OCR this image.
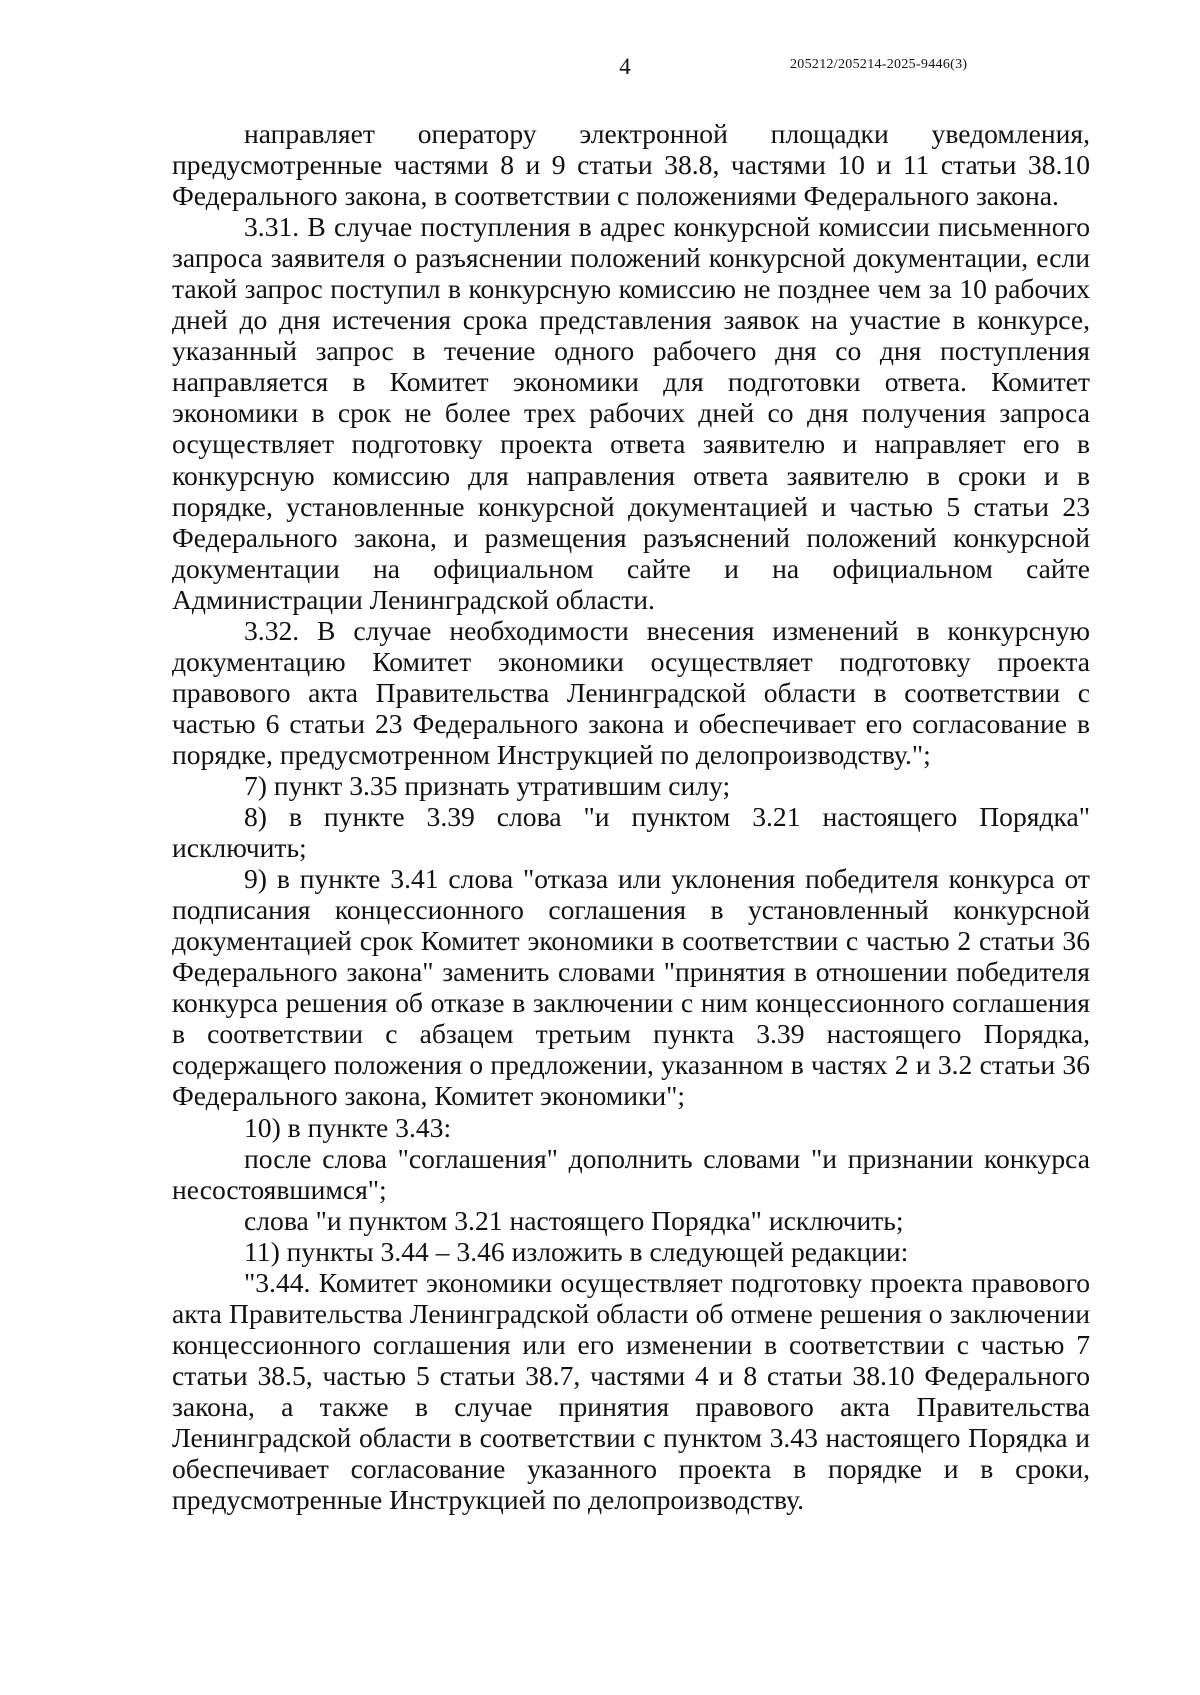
4	205212/205214-2025-9446(3)

направляет оператору электронной площадки уведомления, предусмотренные частями 8 и 9 статьи 38.8, частями 10 и 11 статьи 38.10 Федерального закона, в соответствии с положениями Федерального закона.

3.31. В случае поступления в адрес конкурсной комиссии письменного запроса заявителя о разъяснении положений конкурсной документации, если такой запрос поступил в конкурсную комиссию не позднее чем за 10 рабочих дней до дня истечения срока представления заявок на участие в конкурсе, указанный запрос в течение одного рабочего дня со дня поступления направляется в Комитет экономики для подготовки ответа. Комитет экономики в срок не более трех рабочих дней со дня получения запроса осуществляет подготовку проекта ответа заявителю и направляет его в конкурсную комиссию для направления ответа заявителю в сроки и в порядке, установленные конкурсной документацией и частью 5 статьи 23 Федерального закона, и размещения разъяснений положений конкурсной документации на официальном сайте и на официальном сайте Администрации Ленинградской области.

3.32. В случае необходимости внесения изменений в конкурсную документацию Комитет экономики осуществляет подготовку проекта правового акта Правительства Ленинградской области в соответствии с частью 6 статьи 23 Федерального закона и обеспечивает его согласование в порядке, предусмотренном Инструкцией по делопроизводству.";

7) пункт 3.35 признать утратившим силу;

8) в пункте 3.39 слова "и пунктом 3.21 настоящего Порядка" исключить;

9) в пункте 3.41 слова "отказа или уклонения победителя конкурса от подписания концессионного соглашения в установленный конкурсной документацией срок Комитет экономики в соответствии с частью 2 статьи 36 Федерального закона" заменить словами "принятия в отношении победителя конкурса решения об отказе в заключении с ним концессионного соглашения в соответствии с абзацем третьим пункта 3.39 настоящего Порядка, содержащего положения о предложении, указанном в частях 2 и 3.2 статьи 36 Федерального закона, Комитет экономики";

10) в пункте 3.43:

после слова "соглашения" дополнить словами "и признании конкурса несостоявшимся";

слова "и пунктом 3.21 настоящего Порядка" исключить;

11) пункты 3.44 – 3.46 изложить в следующей редакции:

"3.44. Комитет экономики осуществляет подготовку проекта правового акта Правительства Ленинградской области об отмене решения о заключении концессионного соглашения или его изменении в соответствии с частью 7 статьи 38.5, частью 5 статьи 38.7, частями 4 и 8 статьи 38.10 Федерального закона, а также в случае принятия правового акта Правительства Ленинградской области в соответствии с пунктом 3.43 настоящего Порядка и обеспечивает согласование указанного проекта в порядке и в сроки, предусмотренные Инструкцией по делопроизводству.
